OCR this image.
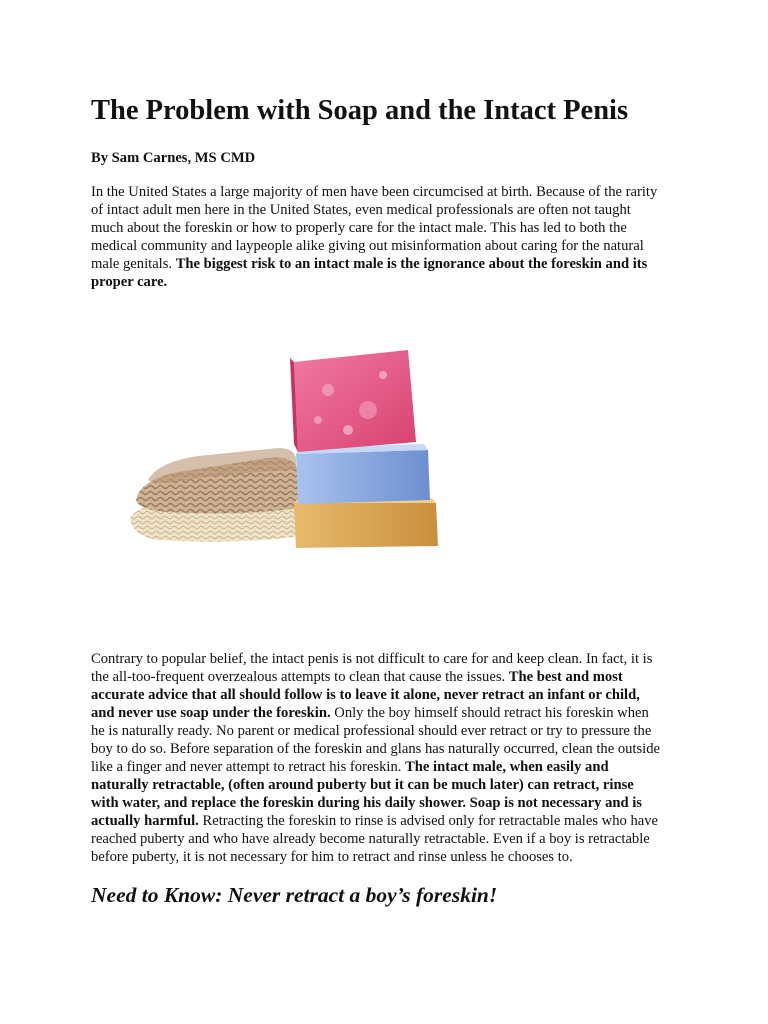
The Problem with Soap and the Intact Penis

By Sam Carnes, MS CMD

In the United States a large majority of men have been circumcised at birth. Because of the rarity
of intact adult men here in the United States, even medical professionals are often not taught
much about the foreskin or how to properly care for the intact male. This has led to both the
medical community and laypeople alike giving out misinformation about caring for the natural
male genitals. The biggest risk to an intact male is the ignorance about the foreskin and its
proper care.

Contrary to popular belief, the intact penis is not difficult to care for and keep clean. In fact, it is
the all-too-frequent overzealous attempts to clean that cause the issues. The best and most
accurate advice that all should follow is to leave it alone, never retract an infant or child,
and never use soap under the foreskin. Only the boy himself should retract his foreskin when
he is naturally ready. No parent or medical professional should ever retract or try to pressure the
boy to do so. Before separation of the foreskin and glans has naturally occurred, clean the outside
like a finger and never attempt to retract his foreskin. The intact male, when easily and
naturally retractable, (often around puberty but it can be much later) can retract, rinse
with water, and replace the foreskin during his daily shower. Soap is not necessary and is
actually harmful. Retracting the foreskin to rinse is advised only for retractable males who have
reached puberty and who have already become naturally retractable. Even if a boy is retractable
before puberty, it is not necessary for him to retract and rinse unless he chooses to.

Need to Know: Never retract a boy’s foreskin!
